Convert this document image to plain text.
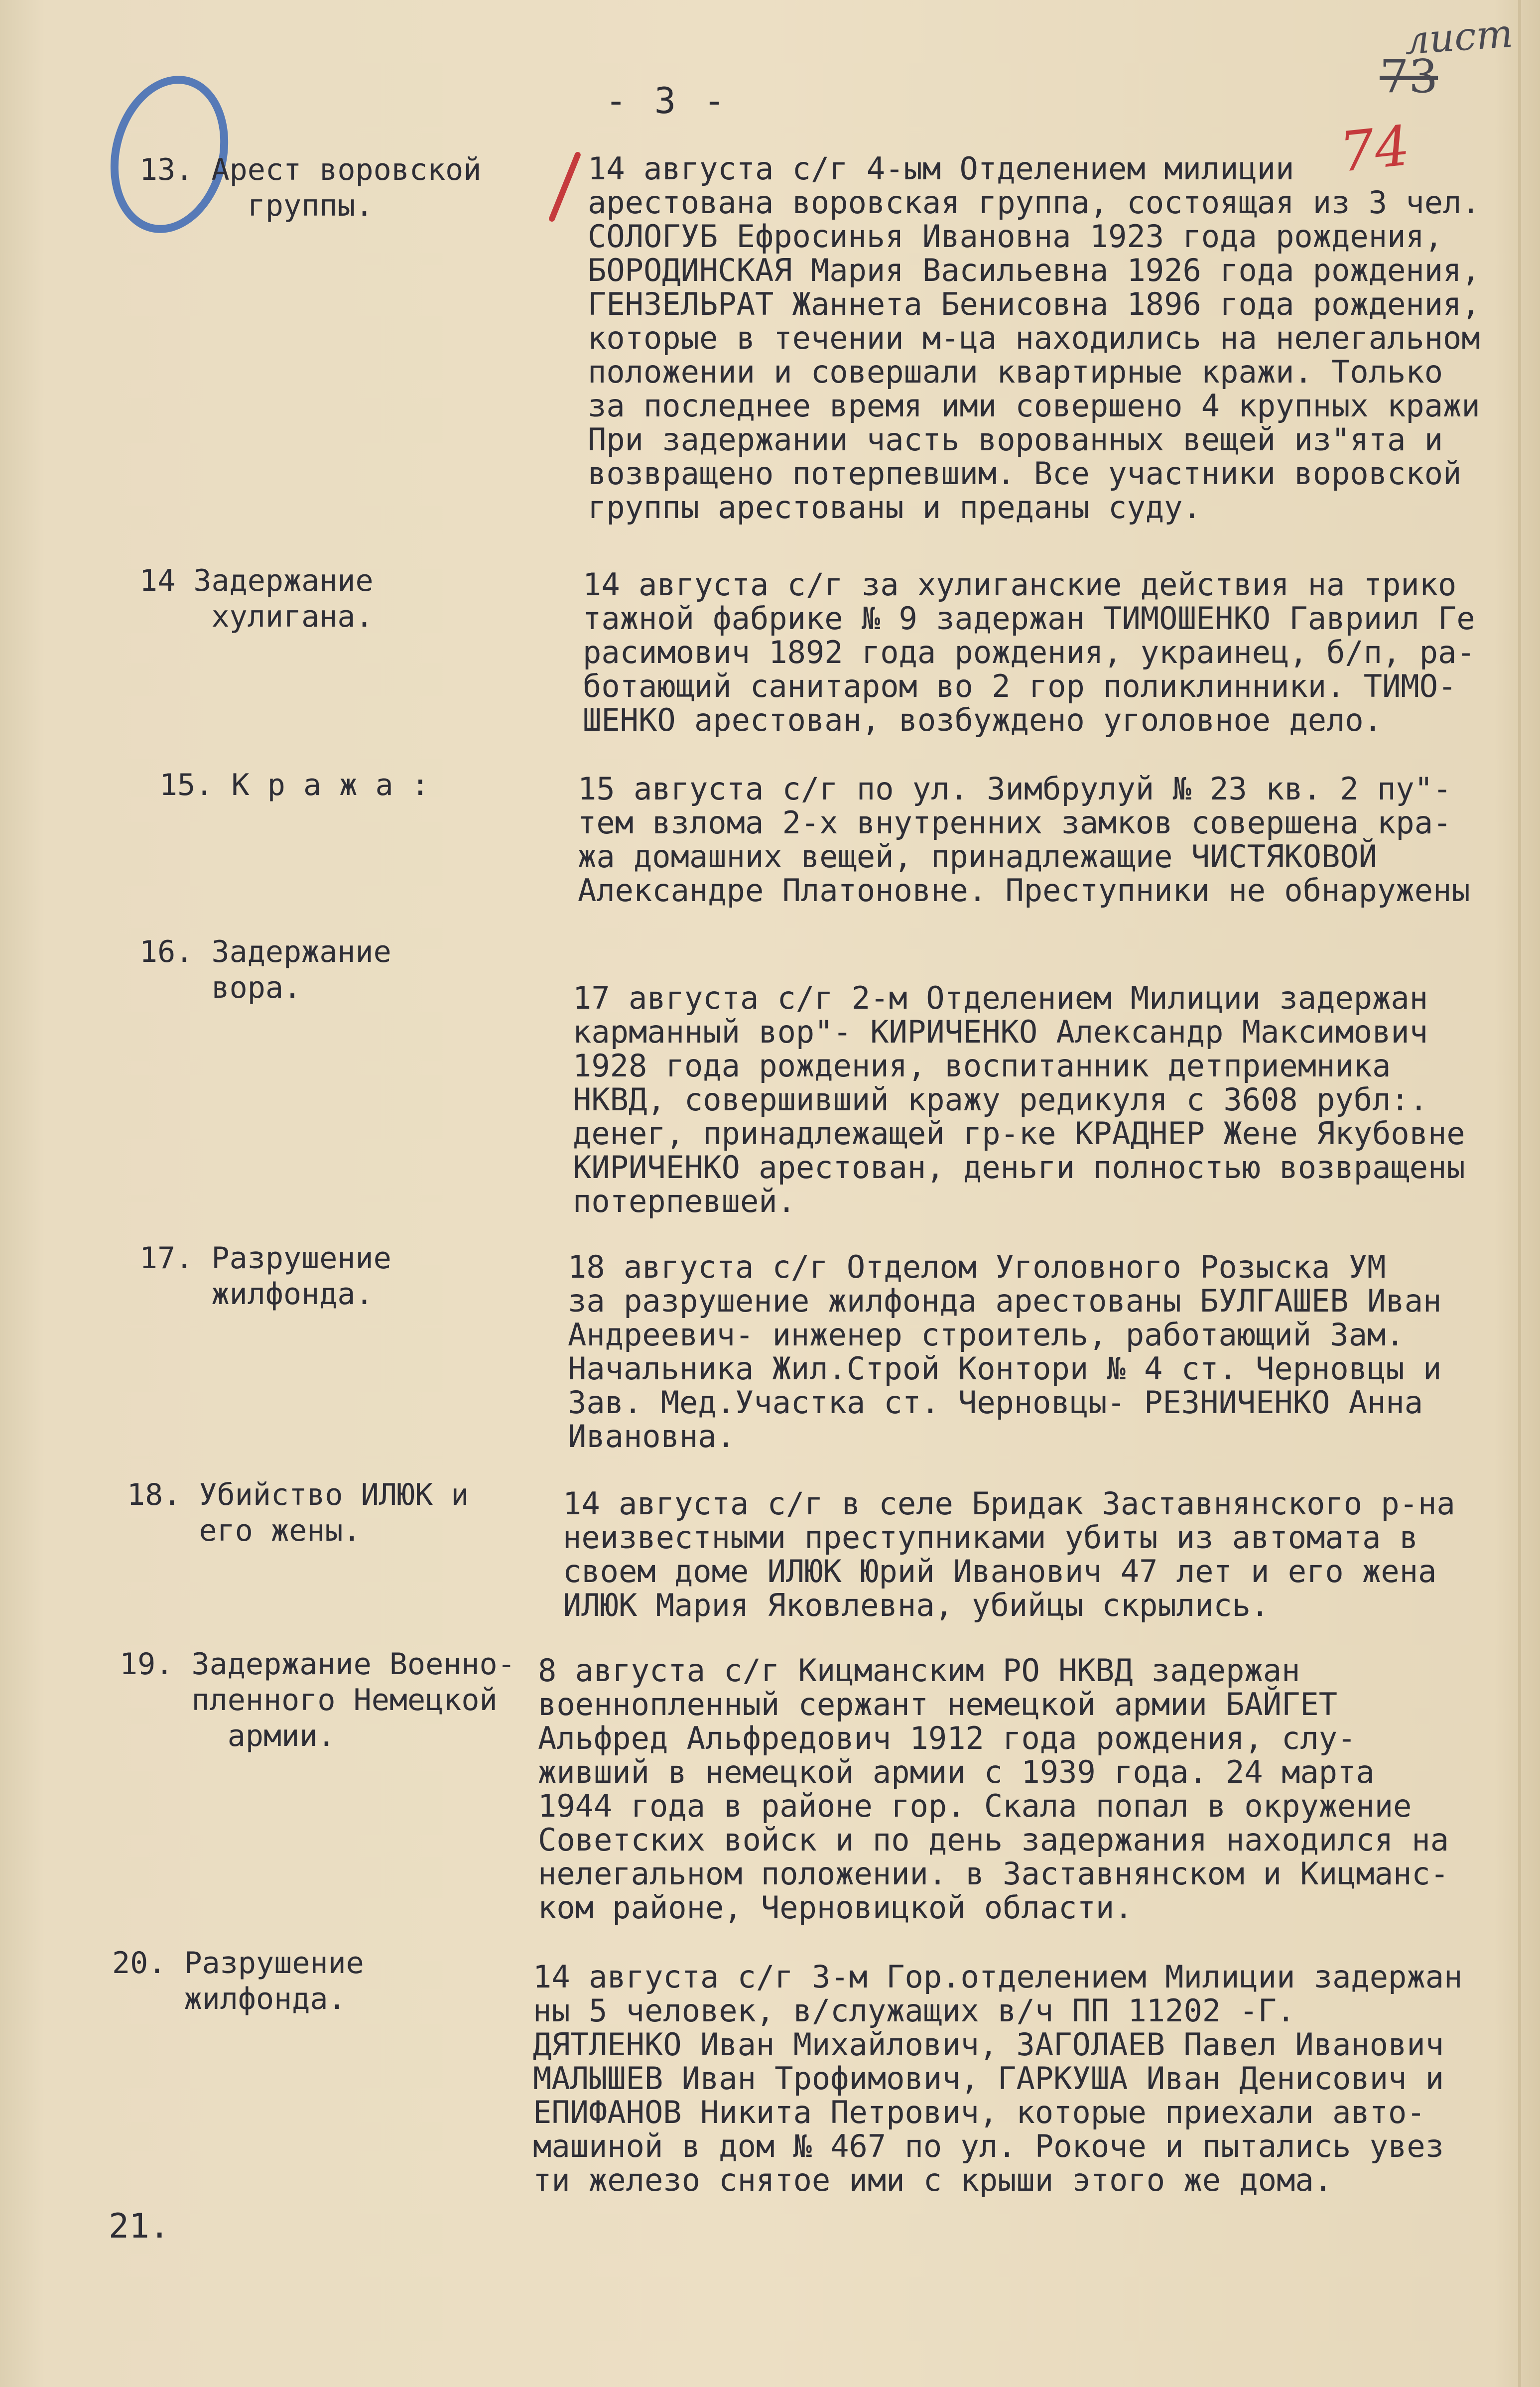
лист
73
74
- 3 -
13. Арест воровской
группы.
14 августа с/г 4-ым Отделением милиции
арестована воровская группа, состоящая из 3 чел.
СОЛОГУБ Ефросинья Ивановна 1923 года рождения,
БОРОДИНСКАЯ Мария Васильевна 1926 года рождения,
ГЕНЗЕЛЬРАТ Жаннета Бенисовна 1896 года рождения,
которые в течении м-ца находились на нелегальном
положении и совершали квартирные кражи. Только
за последнее время ими совершено 4 крупных кражи
При задержании часть ворованных вещей из"ята и
возвращено потерпевшим. Все участники воровской
группы арестованы и преданы суду.
14 Задержание
хулигана.
14 августа с/г за хулиганские действия на трико
тажной фабрике № 9 задержан ТИМОШЕНКО Гавриил Ге
расимович 1892 года рождения, украинец, б/п, ра-
ботающий санитаром во 2 гор поликлинники. ТИМО-
ШЕНКО арестован, возбуждено уголовное дело.
15. К р а ж а :	15 августа с/г по ул. Зимбрулуй № 23 кв. 2 пу"-
тем взлома 2-х внутренних замков совершена кра-
жа домашних вещей, принадлежащие ЧИСТЯКОВОЙ
Александре Платоновне. Преступники не обнаружены
16. Задержание
вора.	17 августа с/г 2-м Отделением Милиции задержан
карманный вор"- КИРИЧЕНКО Александр Максимович
1928 года рождения, воспитанник детприемника
НКВД, совершивший кражу редикуля с 3608 рубл:.
денег, принадлежащей гр-ке КРАДНЕР Жене Якубовне
КИРИЧЕНКО арестован, деньги полностью возвращены
потерпевшей.
17. Разрушение
жилфонда.
18 августа с/г Отделом Уголовного Розыска УМ
за разрушение жилфонда арестованы БУЛГАШЕВ Иван
Андреевич- инженер строитель, работающий Зам.
Начальника Жил.Строй Контори № 4 ст. Черновцы и
Зав. Мед.Участка ст. Черновцы- РЕЗНИЧЕНКО Анна
Ивановна.
18. Убийство ИЛЮК и
его жены.
14 августа с/г в селе Бридак Заставнянского р-на
неизвестными преступниками убиты из автомата в
своем доме ИЛЮК Юрий Иванович 47 лет и его жена
ИЛЮК Мария Яковлевна, убийцы скрылись.
19. Задержание Военно-
пленного Немецкой
армии.
8 августа с/г Кицманским РО НКВД задержан
военнопленный сержант немецкой армии БАЙГЕТ
Альфред Альфредович 1912 года рождения, слу-
живший в немецкой армии с 1939 года. 24 марта
1944 года в районе гор. Скала попал в окружение
Советских войск и по день задержания находился на
нелегальном положении. в Заставнянском и Кицманс-
ком районе, Черновицкой области.
20. Разрушение
жилфонда.
14 августа с/г 3-м Гор.отделением Милиции задержан
ны 5 человек, в/служащих в/ч ПП 11202 -Г.
ДЯТЛЕНКО Иван Михайлович, ЗАГОЛАЕВ Павел Иванович
МАЛЫШЕВ Иван Трофимович, ГАРКУША Иван Денисович и
ЕПИФАНОВ Никита Петрович, которые приехали авто-
машиной в дом № 467 по ул. Рокоче и пытались увез
ти железо снятое ими с крыши этого же дома.
21.
